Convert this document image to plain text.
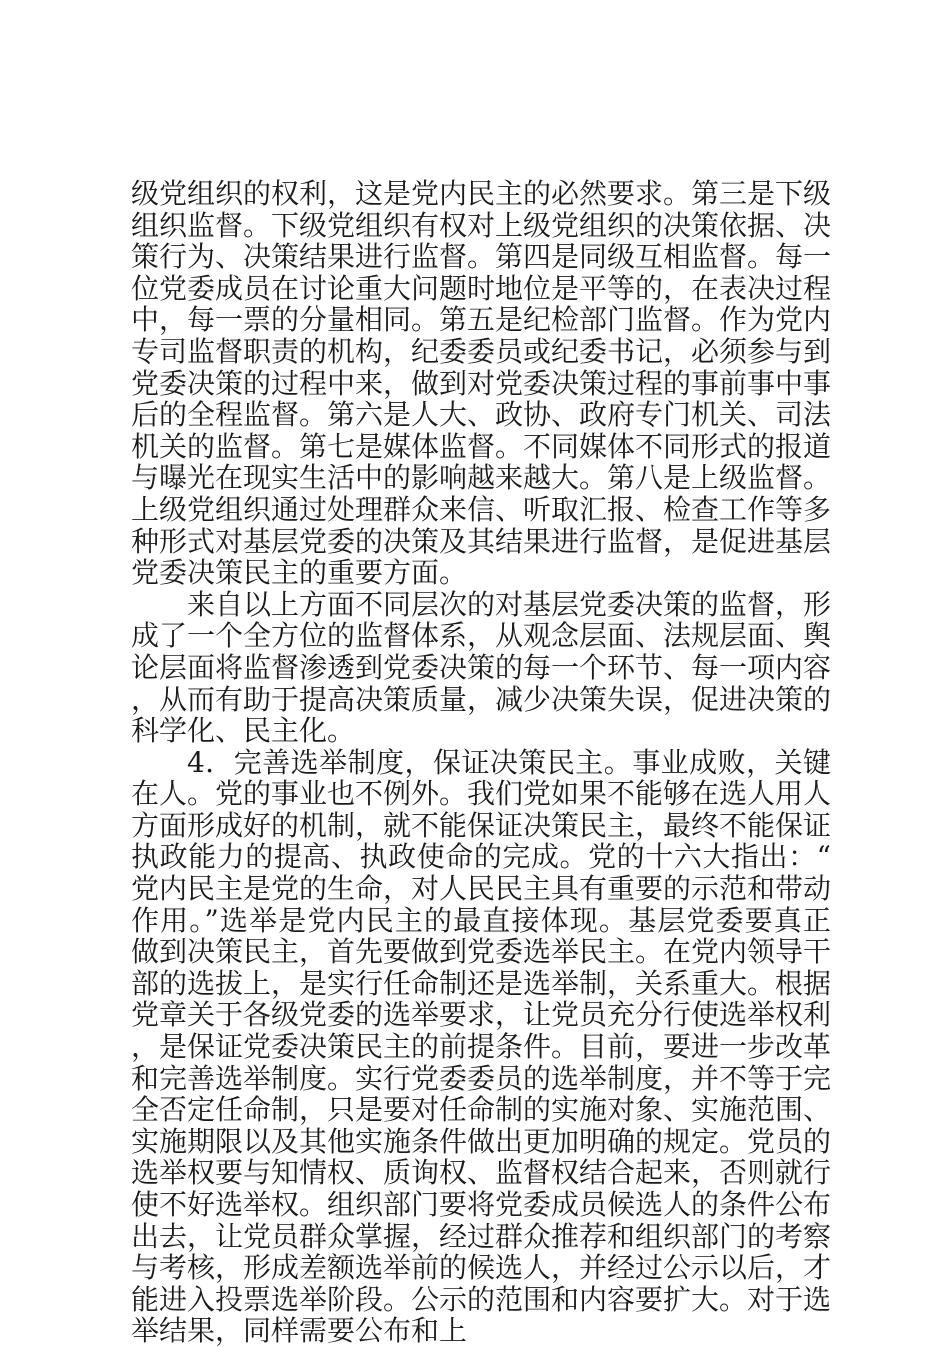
级党组织的权利，这是党内民主的必然要求。第三是下级组织监督。下级党组织有权对上级党组织的决策依据、决策行为、决策结果进行监督。第四是同级互相监督。每一位党委成员在讨论重大问题时地位是平等的，在表决过程中，每一票的分量相同。第五是纪检部门监督。作为党内专司监督职责的机构，纪委委员或纪委书记，必须参与到党委决策的过程中来，做到对党委决策过程的事前事中事后的全程监督。第六是人大、政协、政府专门机关、司法机关的监督。第七是媒体监督。不同媒体不同形式的报道与曝光在现实生活中的影响越来越大。第八是上级监督。上级党组织通过处理群众来信、听取汇报、检查工作等多种形式对基层党委的决策及其结果进行监督，是促进基层党委决策民主的重要方面。

来自以上方面不同层次的对基层党委决策的监督，形成了一个全方位的监督体系，从观念层面、法规层面、舆论层面将监督渗透到党委决策的每一个环节、每一项内容，从而有助于提高决策质量，减少决策失误，促进决策的科学化、民主化。

4．完善选举制度，保证决策民主。事业成败，关键在人。党的事业也不例外。我们党如果不能够在选人用人方面形成好的机制，就不能保证决策民主，最终不能保证执政能力的提高、执政使命的完成。党的十六大指出：“党内民主是党的生命，对人民民主具有重要的示范和带动作用。”选举是党内民主的最直接体现。基层党委要真正做到决策民主，首先要做到党委选举民主。在党内领导干部的选拔上，是实行任命制还是选举制，关系重大。根据党章关于各级党委的选举要求，让党员充分行使选举权利，是保证党委决策民主的前提条件。目前，要进一步改革和完善选举制度。实行党委委员的选举制度，并不等于完全否定任命制，只是要对任命制的实施对象、实施范围、实施期限以及其他实施条件做出更加明确的规定。党员的选举权要与知情权、质询权、监督权结合起来，否则就行使不好选举权。组织部门要将党委成员候选人的条件公布出去，让党员群众掌握，经过群众推荐和组织部门的考察与考核，形成差额选举前的候选人，并经过公示以后，才能进入投票选举阶段。公示的范围和内容要扩大。对于选举结果，同样需要公布和上
